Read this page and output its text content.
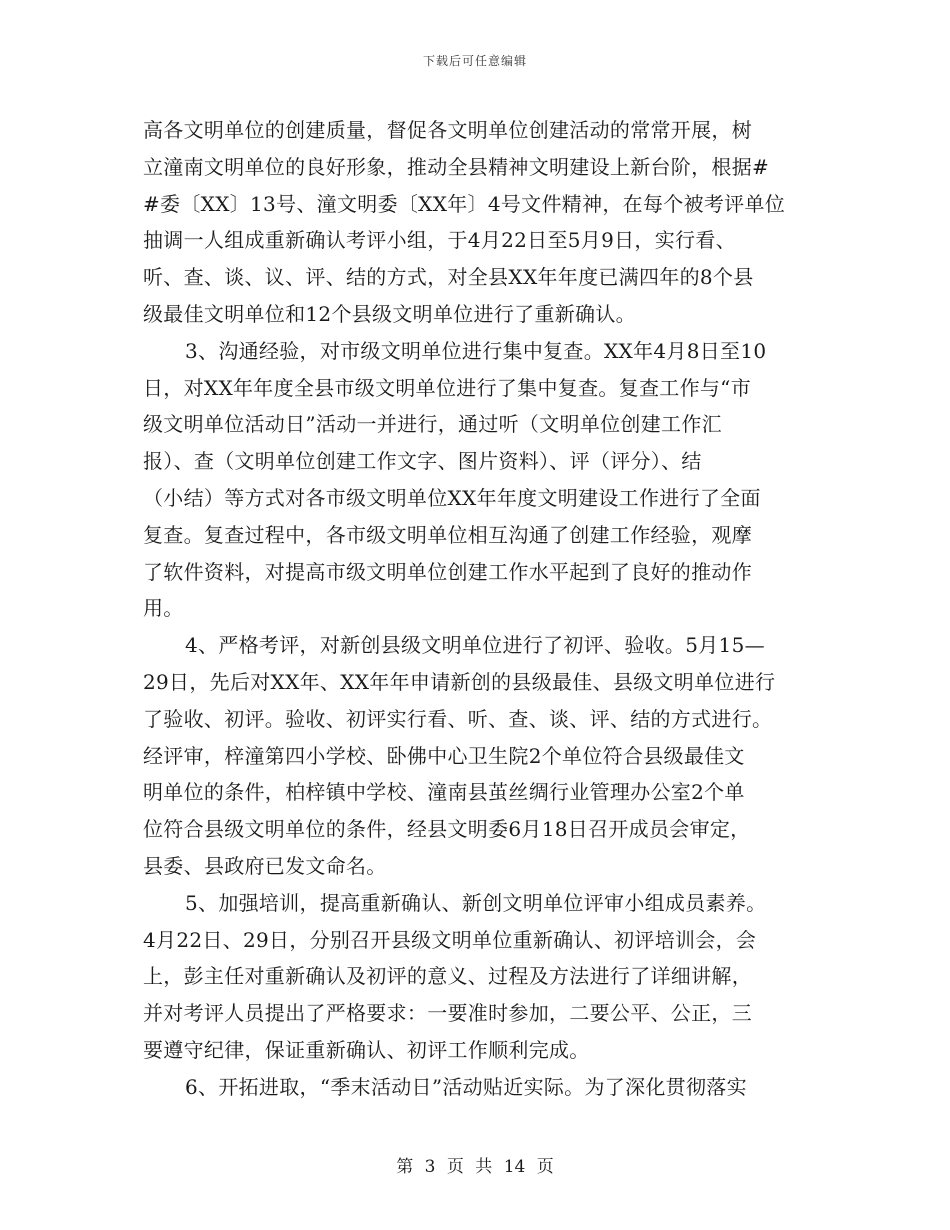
下载后可任意编辑
高各文明单位的创建质量，督促各文明单位创建活动的常常开展，树
立潼南文明单位的良好形象，推动全县精神文明建设上新台阶，根据#
#委〔XX〕13号、潼文明委〔XX年〕4号文件精神，在每个被考评单位
抽调一人组成重新确认考评小组，于4月22日至5月9日，实行看、
听、查、谈、议、评、结的方式，对全县XX年年度已满四年的8个县
级最佳文明单位和12个县级文明单位进行了重新确认。
3、沟通经验，对市级文明单位进行集中复查。XX年4月8日至10
日，对XX年年度全县市级文明单位进行了集中复查。复查工作与“市
级文明单位活动日”活动一并进行，通过听（文明单位创建工作汇
报）、查（文明单位创建工作文字、图片资料）、评（评分）、结
（小结）等方式对各市级文明单位XX年年度文明建设工作进行了全面
复查。复查过程中，各市级文明单位相互沟通了创建工作经验，观摩
了软件资料，对提高市级文明单位创建工作水平起到了良好的推动作
用。
4、严格考评，对新创县级文明单位进行了初评、验收。5月15—
29日，先后对XX年、XX年年申请新创的县级最佳、县级文明单位进行
了验收、初评。验收、初评实行看、听、查、谈、评、结的方式进行。
经评审，梓潼第四小学校、卧佛中心卫生院2个单位符合县级最佳文
明单位的条件，柏梓镇中学校、潼南县茧丝绸行业管理办公室2个单
位符合县级文明单位的条件，经县文明委6月18日召开成员会审定，
县委、县政府已发文命名。
5、加强培训，提高重新确认、新创文明单位评审小组成员素养。
4月22日、29日，分别召开县级文明单位重新确认、初评培训会，会
上，彭主任对重新确认及初评的意义、过程及方法进行了详细讲解，
并对考评人员提出了严格要求：一要准时参加，二要公平、公正，三
要遵守纪律，保证重新确认、初评工作顺利完成。
6、开拓进取，“季末活动日”活动贴近实际。为了深化贯彻落实
第 3 页 共 14 页
